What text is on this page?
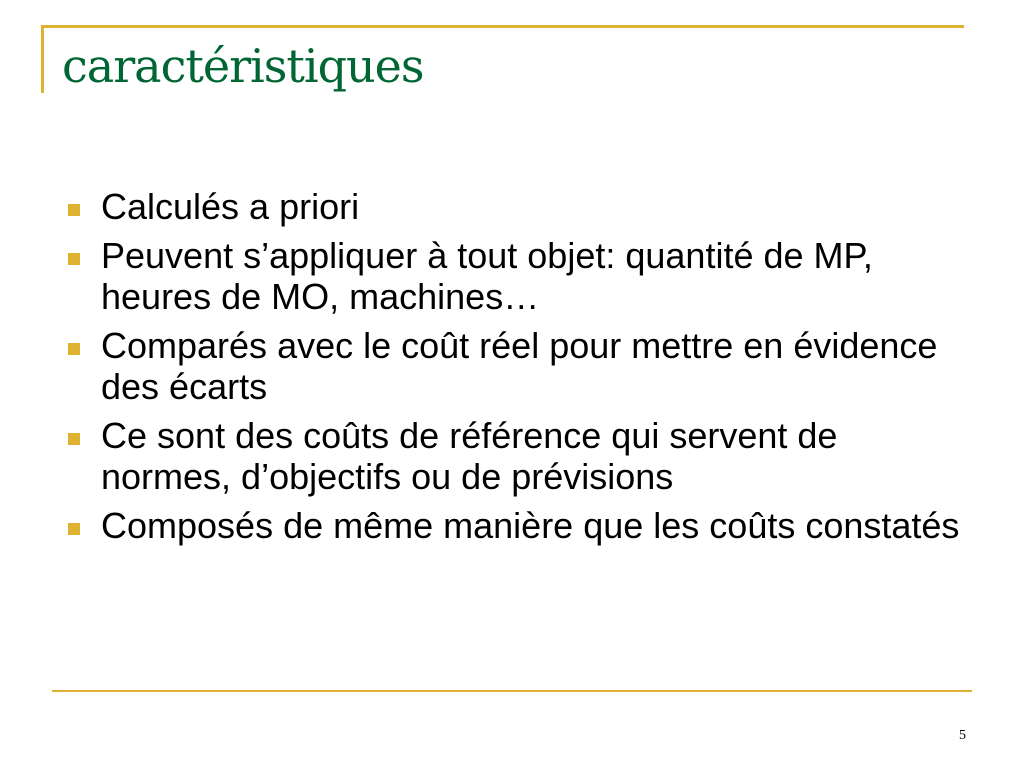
caractéristiques
Calculés a priori
Peuvent s’appliquer à tout objet: quantité de MP, heures de MO, machines…
Comparés avec le coût réel pour mettre en évidence des écarts
Ce sont des coûts de référence qui servent de normes, d’objectifs ou de prévisions
Composés de même manière que les coûts constatés
5
